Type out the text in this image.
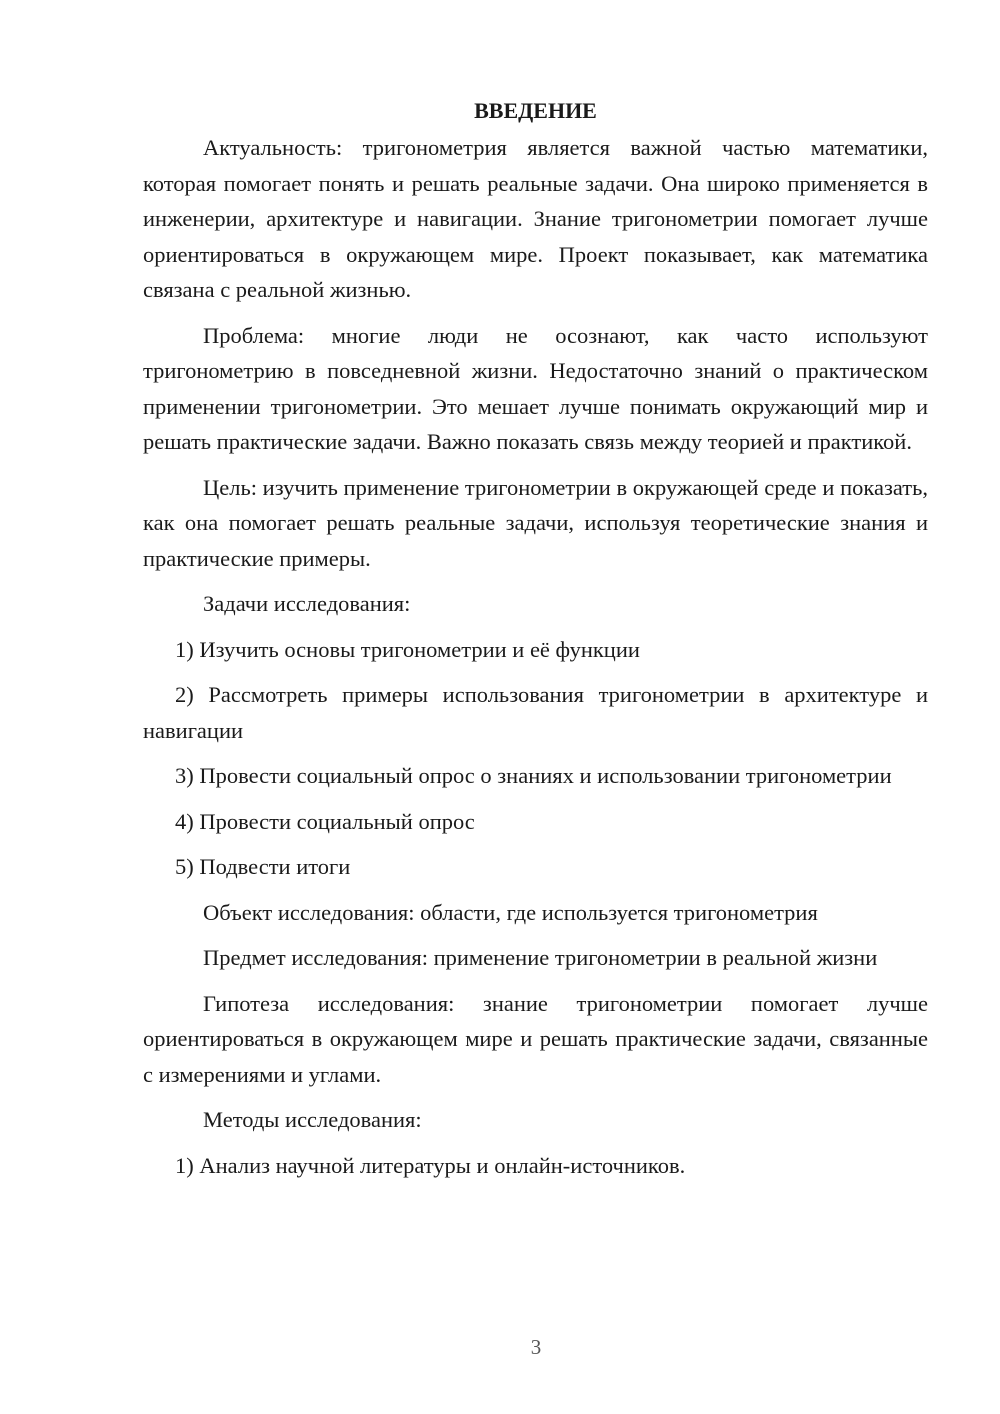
ВВЕДЕНИЕ

Актуальность: тригонометрия является важной частью математики, которая помогает понять и решать реальные задачи. Она широко применяется в инженерии, архитектуре и навигации. Знание тригонометрии помогает лучше ориентироваться в окружающем мире. Проект показывает, как математика связана с реальной жизнью.

Проблема: многие люди не осознают, как часто используют тригонометрию в повседневной жизни. Недостаточно знаний о практическом применении тригонометрии. Это мешает лучше понимать окружающий мир и решать практические задачи. Важно показать связь между теорией и практикой.

Цель: изучить применение тригонометрии в окружающей среде и показать, как она помогает решать реальные задачи, используя теоретические знания и практические примеры.

Задачи исследования:

1) Изучить основы тригонометрии и её функции

2) Рассмотреть примеры использования тригонометрии в архитектуре и навигации

3) Провести социальный опрос о знаниях и использовании тригонометрии

4) Провести социальный опрос

5) Подвести итоги

Объект исследования: области, где используется тригонометрия

Предмет исследования: применение тригонометрии в реальной жизни

Гипотеза исследования: знание тригонометрии помогает лучше ориентироваться в окружающем мире и решать практические задачи, связанные с измерениями и углами.

Методы исследования:

1) Анализ научной литературы и онлайн-источников.

3
